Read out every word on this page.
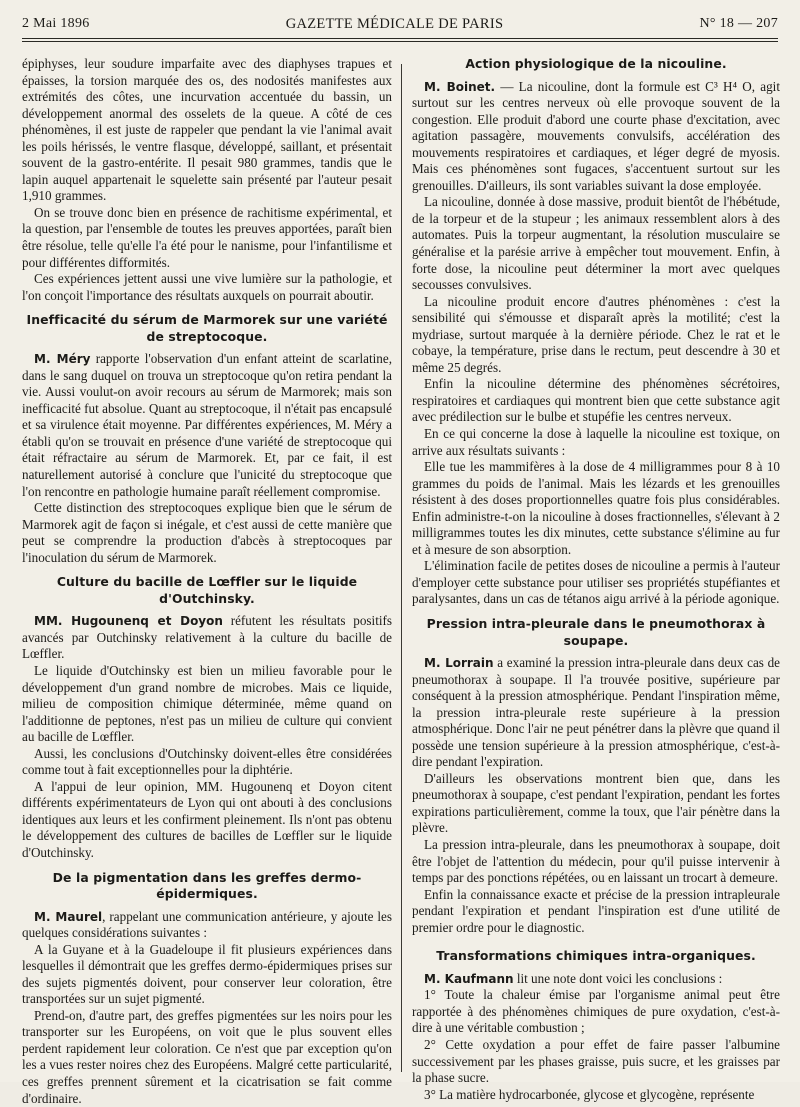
2 Mai 1896	GAZETTE MÉDICALE DE PARIS	N° 18 — 207

épiphyses, leur soudure imparfaite avec des diaphyses trapues et épaisses, la torsion marquée des os, des nodosités manifestes aux extrémités des côtes, une incurvation accentuée du bassin, un développement anormal des osselets de la queue. A côté de ces phénomènes, il est juste de rappeler que pendant la vie l'animal avait les poils hérissés, le ventre flasque, développé, saillant, et présentait souvent de la gastro-entérite. Il pesait 980 grammes, tandis que le lapin auquel appartenait le squelette sain présenté par l'auteur pesait 1,910 grammes.

On se trouve donc bien en présence de rachitisme expérimental, et la question, par l'ensemble de toutes les preuves apportées, paraît bien être résolue, telle qu'elle l'a été pour le nanisme, pour l'infantilisme et pour différentes difformités.

Ces expériences jettent aussi une vive lumière sur la pathologie, et l'on conçoit l'importance des résultats auxquels on pourrait aboutir.

Inefficacité du sérum de Marmorek sur une variété de streptocoque.

M. Méry rapporte l'observation d'un enfant atteint de scarlatine, dans le sang duquel on trouva un streptocoque qu'on retira pendant la vie. Aussi voulut-on avoir recours au sérum de Marmorek; mais son inefficacité fut absolue. Quant au streptocoque, il n'était pas encapsulé et sa virulence était moyenne. Par différentes expériences, M. Méry a établi qu'on se trouvait en présence d'une variété de streptocoque qui était réfractaire au sérum de Marmorek. Et, par ce fait, il est naturellement autorisé à conclure que l'unicité du streptocoque que l'on rencontre en pathologie humaine paraît réellement compromise.

Cette distinction des streptocoques explique bien que le sérum de Marmorek agit de façon si inégale, et c'est aussi de cette manière que peut se comprendre la production d'abcès à streptocoques par l'inoculation du sérum de Marmorek.

Culture du bacille de Lœffler sur le liquide d'Outchinsky.

MM. Hugounenq et Doyon réfutent les résultats positifs avancés par Outchinsky relativement à la culture du bacille de Lœffler.

Le liquide d'Outchinsky est bien un milieu favorable pour le développement d'un grand nombre de microbes. Mais ce liquide, milieu de composition chimique déterminée, même quand on l'additionne de peptones, n'est pas un milieu de culture qui convient au bacille de Lœffler.

Aussi, les conclusions d'Outchinsky doivent-elles être considérées comme tout à fait exceptionnelles pour la diphtérie.

A l'appui de leur opinion, MM. Hugounenq et Doyon citent différents expérimentateurs de Lyon qui ont abouti à des conclusions identiques aux leurs et les confirment pleinement. Ils n'ont pas obtenu le développement des cultures de bacilles de Lœffler sur le liquide d'Outchinsky.

De la pigmentation dans les greffes dermo-épidermiques.

M. Maurel, rappelant une communication antérieure, y ajoute les quelques considérations suivantes :

A la Guyane et à la Guadeloupe il fit plusieurs expériences dans lesquelles il démontrait que les greffes dermo-épidermiques prises sur des sujets pigmentés doivent, pour conserver leur coloration, être transportées sur un sujet pigmenté.

Prend-on, d'autre part, des greffes pigmentées sur les noirs pour les transporter sur les Européens, on voit que le plus souvent elles perdent rapidement leur coloration. Ce n'est que par exception qu'on les a vues rester noires chez des Européens. Malgré cette particularité, ces greffes prennent sûrement et la cicatrisation se fait comme d'ordinaire.

Action physiologique de la nicouline.

M. Boinet. — La nicouline, dont la formule est C³ H⁴ O, agit surtout sur les centres nerveux où elle provoque souvent de la congestion. Elle produit d'abord une courte phase d'excitation, avec agitation passagère, mouvements convulsifs, accélération des mouvements respiratoires et cardiaques, et léger degré de myosis. Mais ces phénomènes sont fugaces, s'accentuent surtout sur les grenouilles. D'ailleurs, ils sont variables suivant la dose employée.

La nicouline, donnée à dose massive, produit bientôt de l'hébétude, de la torpeur et de la stupeur ; les animaux ressemblent alors à des automates. Puis la torpeur augmentant, la résolution musculaire se généralise et la parésie arrive à empêcher tout mouvement. Enfin, à forte dose, la nicouline peut déterminer la mort avec quelques secousses convulsives.

La nicouline produit encore d'autres phénomènes : c'est la sensibilité qui s'émousse et disparaît après la motilité; c'est la mydriase, surtout marquée à la dernière période. Chez le rat et le cobaye, la température, prise dans le rectum, peut descendre à 30 et même 25 degrés.

Enfin la nicouline détermine des phénomènes sécrétoires, respiratoires et cardiaques qui montrent bien que cette substance agit avec prédilection sur le bulbe et stupéfie les centres nerveux.

En ce qui concerne la dose à laquelle la nicouline est toxique, on arrive aux résultats suivants :

Elle tue les mammifères à la dose de 4 milligrammes pour 8 à 10 grammes du poids de l'animal. Mais les lézards et les grenouilles résistent à des doses proportionnelles quatre fois plus considérables. Enfin administre-t-on la nicouline à doses fractionnelles, s'élevant à 2 milligrammes toutes les dix minutes, cette substance s'élimine au fur et à mesure de son absorption.

L'élimination facile de petites doses de nicouline a permis à l'auteur d'employer cette substance pour utiliser ses propriétés stupéfiantes et paralysantes, dans un cas de tétanos aigu arrivé à la période agonique.

Pression intra-pleurale dans le pneumothorax à soupape.

M. Lorrain a examiné la pression intra-pleurale dans deux cas de pneumothorax à soupape. Il l'a trouvée positive, supérieure par conséquent à la pression atmosphérique. Pendant l'inspiration même, la pression intra-pleurale reste supérieure à la pression atmosphérique. Donc l'air ne peut pénétrer dans la plèvre que quand il possède une tension supérieure à la pression atmosphérique, c'est-à-dire pendant l'expiration.

D'ailleurs les observations montrent bien que, dans les pneumothorax à soupape, c'est pendant l'expiration, pendant les fortes expirations particulièrement, comme la toux, que l'air pénètre dans la plèvre.

La pression intra-pleurale, dans les pneumothorax à soupape, doit être l'objet de l'attention du médecin, pour qu'il puisse intervenir à temps par des ponctions répétées, ou en laissant un trocart à demeure.

Enfin la connaissance exacte et précise de la pression intrapleurale pendant l'expiration et pendant l'inspiration est d'une utilité de premier ordre pour le diagnostic.

Transformations chimiques intra-organiques.

M. Kaufmann lit une note dont voici les conclusions :

1° Toute la chaleur émise par l'organisme animal peut être rapportée à des phénomènes chimiques de pure oxydation, c'est-à-dire à une véritable combustion ;

2° Cette oxydation a pour effet de faire passer l'albumine successivement par les phases graisse, puis sucre, et les graisses par la phase sucre.

3° La matière hydrocarbonée, glycose et glycogène, représente
